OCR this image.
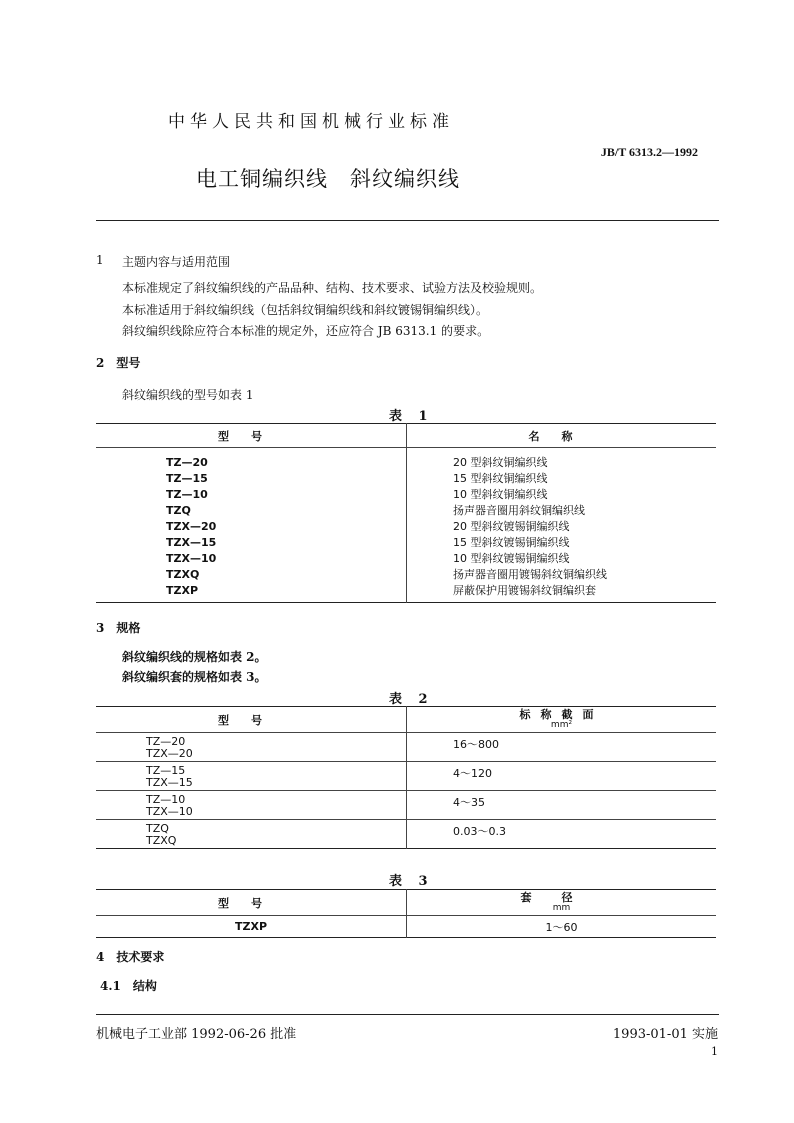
中华人民共和国机械行业标准
JB/T 6313.2—1992
电工铜编织线　斜纹编织线
1 主题内容与适用范围
本标准规定了斜纹编织线的产品品种、结构、技术要求、试验方法及校验规则。
本标准适用于斜纹编织线（包括斜纹铜编织线和斜纹镀锡铜编织线）。
斜纹编织线除应符合本标准的规定外，还应符合 JB 6313.1 的要求。
2　型号
斜纹编织线的型号如表 1
表 1
型号	名称
TZ—20	20 型斜纹铜编织线
TZ—15	15 型斜纹铜编织线
TZ—10	10 型斜纹铜编织线
TZQ	扬声器音圈用斜纹铜编织线
TZX—20	20 型斜纹镀锡铜编织线
TZX—15	15 型斜纹镀锡铜编织线
TZX—10	10 型斜纹镀锡铜编织线
TZXQ	扬声器音圈用镀锡斜纹铜编织线
TZXP	屏蔽保护用镀锡斜纹铜编织套
3　规格
斜纹编织线的规格如表 2。
斜纹编织套的规格如表 3。
表 2
型号	标称截面
mm²

TZ—20
TZX—20	16～800

TZ—15
TZX—15	4～120

TZ—10
TZX—10	4～35

TZQ
TZXQ	0.03～0.3
表 3
型号	套径
mm

TZXP	1～60
4　技术要求
4.1　结构
机械电子工业部 1992-06-26 批准	1993-01-01 实施
1
